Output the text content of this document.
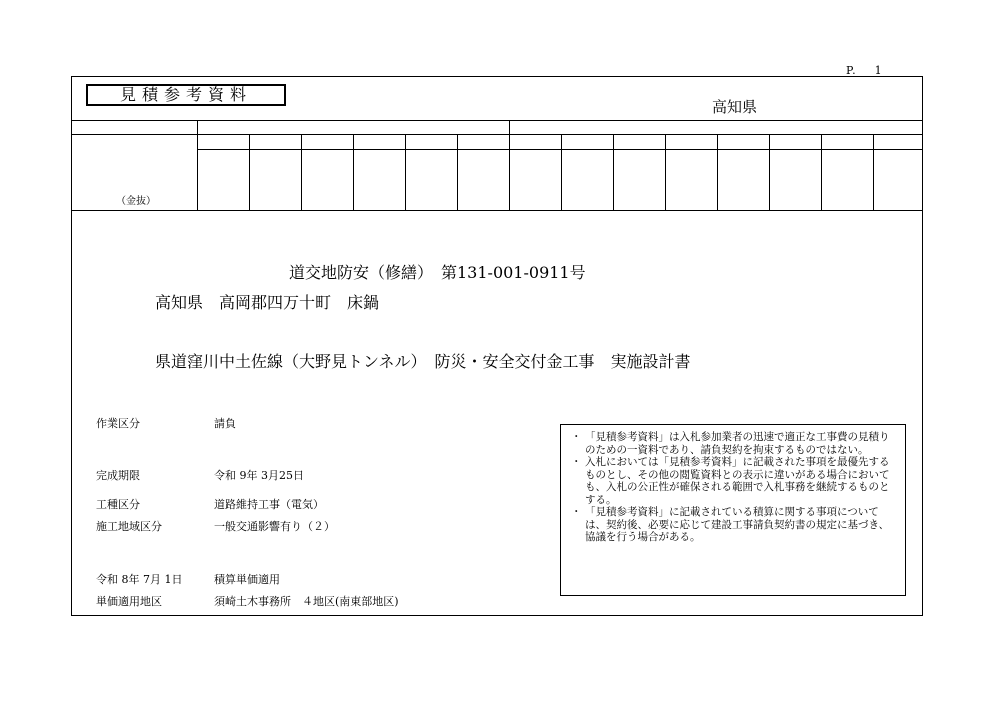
P.    1
見積参考資料
高知県
（金抜）
道交地防安（修繕）　第131-001-0911号
高知県　高岡郡四万十町　床鍋
県道窪川中土佐線（大野見トンネル）　防災・安全交付金工事　実施設計書
作業区分	請負
完成期限	令和 9年 3月25日
工種区分	道路維持工事（電気）
施工地域区分	一般交通影響有り（２）
令和 8年 7月 1日	積算単価適用
単価適用地区	須崎土木事務所　４地区(南東部地区)
・ 「見積参考資料」は入札参加業者の迅速で適正な工事費の見積りのための一資料であり、請負契約を拘束するものではない。
・ 入札においては「見積参考資料」に記載された事項を最優先するものとし、その他の閲覧資料との表示に違いがある場合においても、入札の公正性が確保される範囲で入札事務を継続するものとする。
・ 「見積参考資料」に記載されている積算に関する事項については、契約後、必要に応じて建設工事請負契約書の規定に基づき、協議を行う場合がある。
